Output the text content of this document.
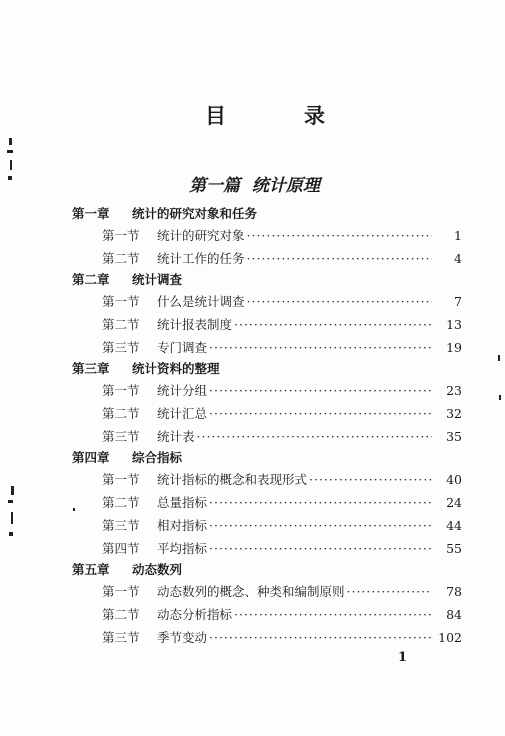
目	录
第一篇  统计原理
第一章 统计的研究对象和任务
第一节	统计的研究对象 ·····	1
第二节	统计工作的任务 ·····	4
第二章 统计调查
第一节	什么是统计调查 ·····	7
第二节	统计报表制度 ·····	13
第三节	专门调查 ·····	19
第三章 统计资料的整理
第一节	统计分组 ·····	23
第二节	统计汇总 ·····	32
第三节	统计表 ·····	35
第四章 综合指标
第一节	统计指标的概念和表现形式 ·····	40
第二节	总量指标 ·····	24
第三节	相对指标 ·····	44
第四节	平均指标 ·····	55
第五章 动态数列
第一节	动态数列的概念、种类和编制原则 ·····	78
第二节	动态分析指标 ·····	84
第三节	季节变动 ·····	102
1
